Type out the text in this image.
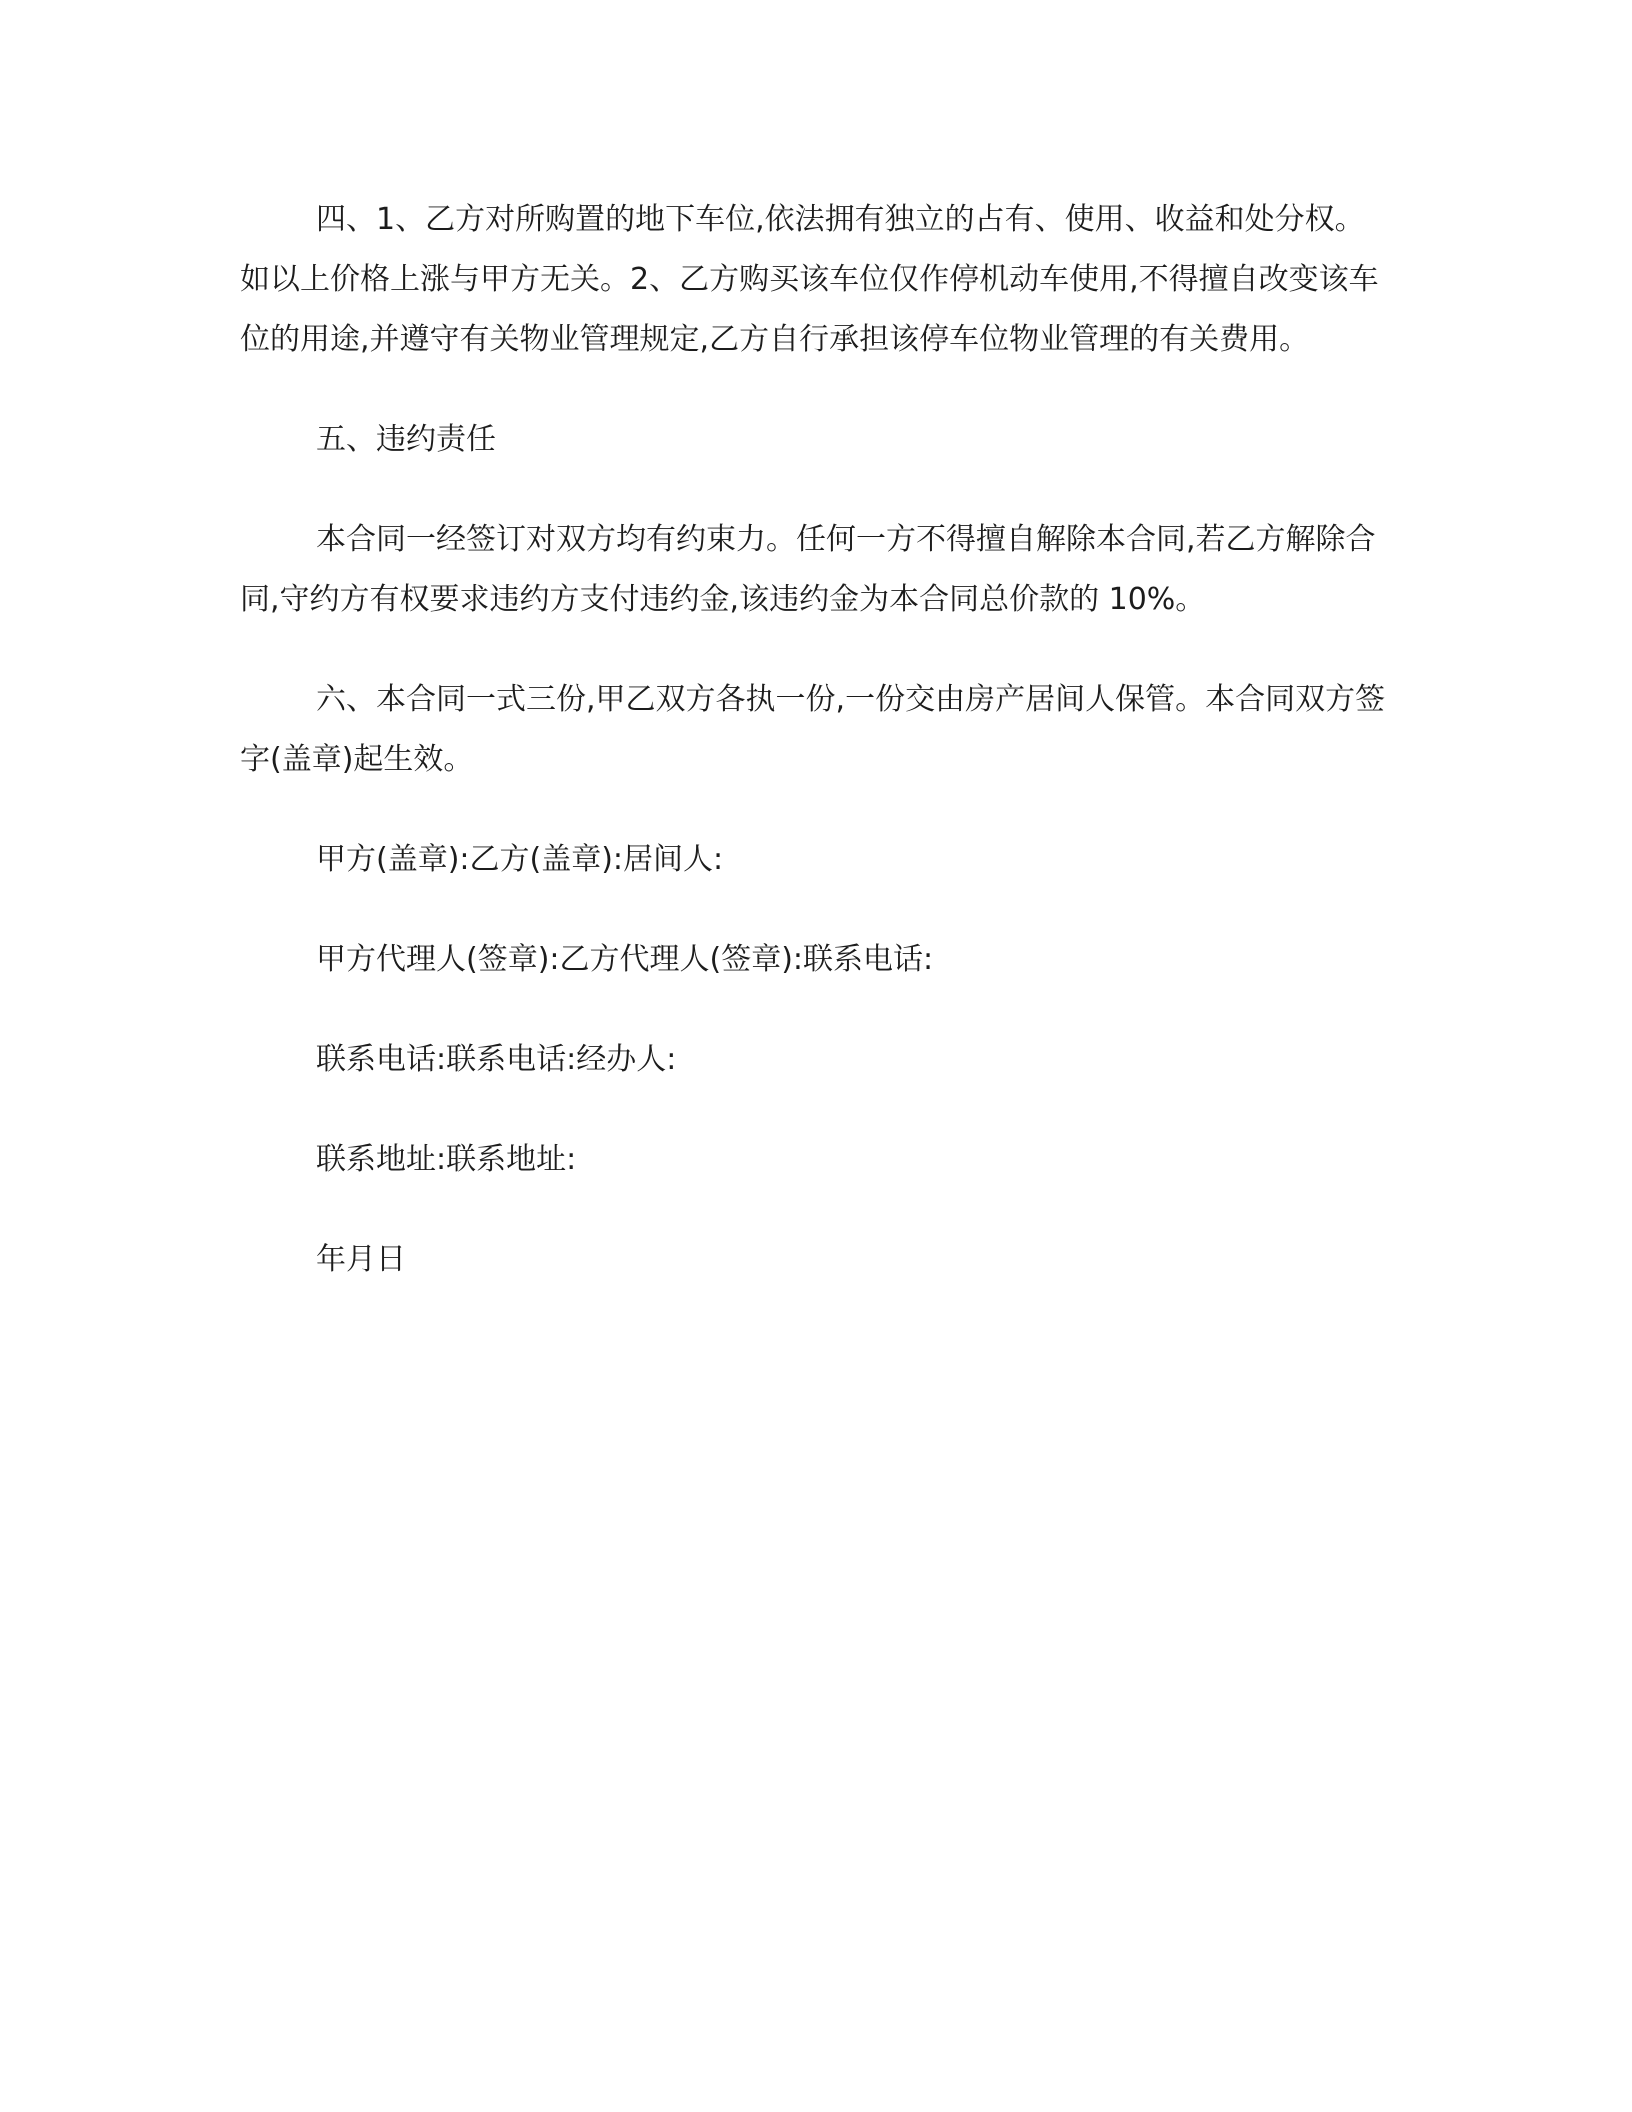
四、1、乙方对所购置的地下车位,依法拥有独立的占有、使用、收益和处分权。如以上价格上涨与甲方无关。2、乙方购买该车位仅作停机动车使用,不得擅自改变该车位的用途,并遵守有关物业管理规定,乙方自行承担该停车位物业管理的有关费用。

五、违约责任

本合同一经签订对双方均有约束力。任何一方不得擅自解除本合同,若乙方解除合同,守约方有权要求违约方支付违约金,该违约金为本合同总价款的 10%。

六、本合同一式三份,甲乙双方各执一份,一份交由房产居间人保管。本合同双方签字(盖章)起生效。

甲方(盖章):乙方(盖章):居间人:

甲方代理人(签章):乙方代理人(签章):联系电话:

联系电话:联系电话:经办人:

联系地址:联系地址:

年月日
